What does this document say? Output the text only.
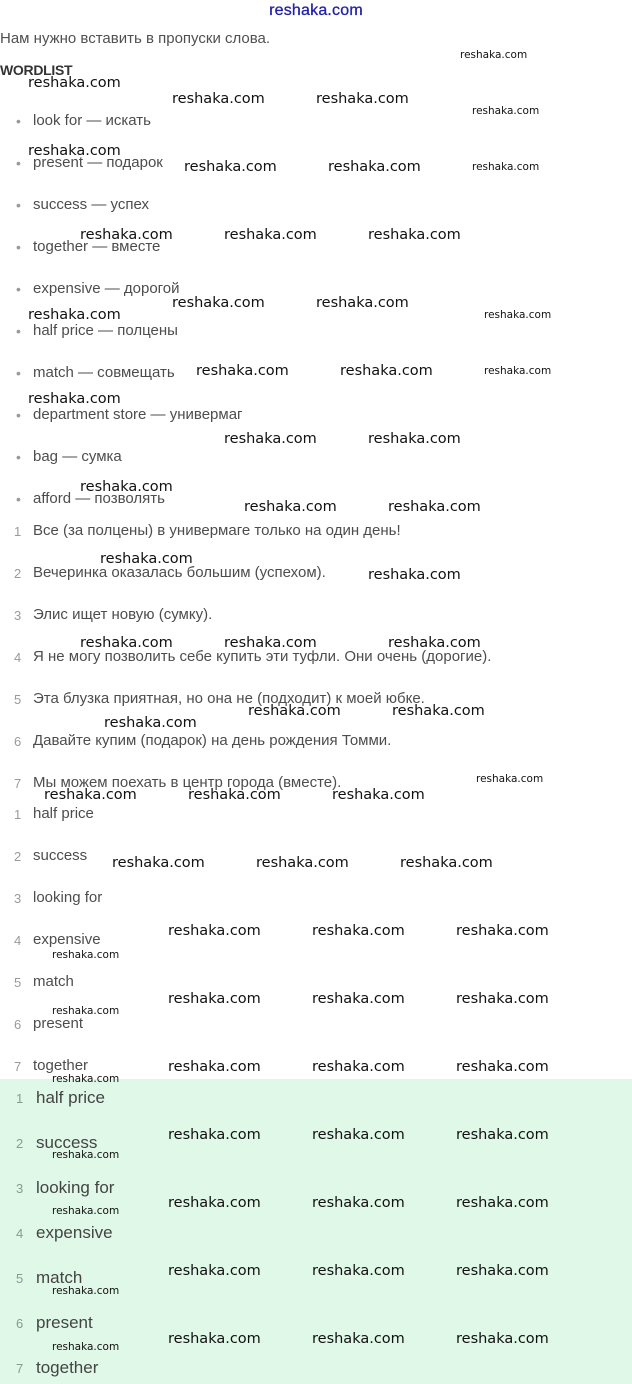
reshaka.com
Нам нужно вставить в пропуски слова.
WORDLIST
• look for — искать
• present — подарок
• success — успех
• together — вместе
• expensive — дорогой
• half price — полцены
• match — совмещать
• department store — универмаг
• bag — сумка
• afford — позволять
1 Все (за полцены) в универмаге только на один день!
2 Вечеринка оказалась большим (успехом).
3 Элис ищет новую (сумку).
4 Я не могу позволить себе купить эти туфли. Они очень (дорогие).
5 Эта блузка приятная, но она не (подходит) к моей юбке.
6 Давайте купим (подарок) на день рождения Томми.
7 Мы можем поехать в центр города (вместе).
1 half price
2 success
3 looking for
4 expensive
5 match
6 present
7 together
1 half price
2 success
3 looking for
4 expensive
5 match
6 present
7 together
reshaka.com
reshaka.com
reshaka.com	reshaka.com
reshaka.com
reshaka.com
reshaka.com	reshaka.com	reshaka.com
reshaka.com	reshaka.com	reshaka.com
reshaka.com	reshaka.com
reshaka.com	reshaka.com
reshaka.com	reshaka.com	reshaka.com
reshaka.com
reshaka.com	reshaka.com
reshaka.com
reshaka.com	reshaka.com
reshaka.com
reshaka.com
reshaka.com	reshaka.com	reshaka.com
reshaka.com	reshaka.com
reshaka.com
reshaka.com
reshaka.com	reshaka.com	reshaka.com
reshaka.com	reshaka.com	reshaka.com
reshaka.com	reshaka.com	reshaka.com
reshaka.com
reshaka.com	reshaka.com	reshaka.com
reshaka.com
reshaka.com	reshaka.com	reshaka.com
reshaka.com
reshaka.com	reshaka.com	reshaka.com
reshaka.com
reshaka.com	reshaka.com	reshaka.com
reshaka.com
reshaka.com	reshaka.com	reshaka.com
reshaka.com
reshaka.com	reshaka.com	reshaka.com
reshaka.com
